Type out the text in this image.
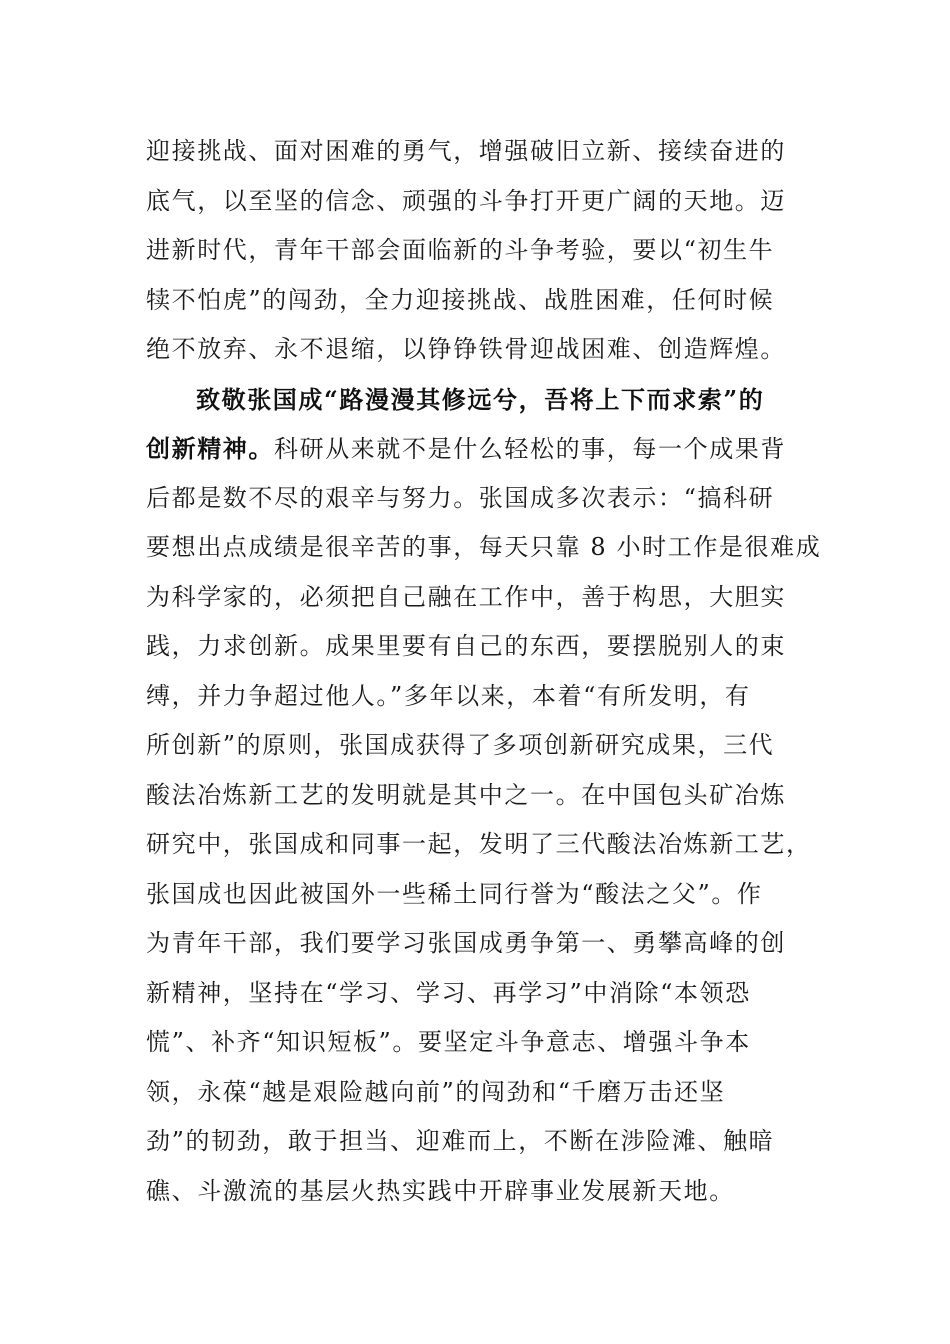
迎接挑战、面对困难的勇气，增强破旧立新、接续奋进的
底气，以至坚的信念、顽强的斗争打开更广阔的天地。迈
进新时代，青年干部会面临新的斗争考验，要以“初生牛
犊不怕虎”的闯劲，全力迎接挑战、战胜困难，任何时候
绝不放弃、永不退缩，以铮铮铁骨迎战困难、创造辉煌。
致敬张国成“路漫漫其修远兮，吾将上下而求索”的
创新精神。科研从来就不是什么轻松的事，每一个成果背
后都是数不尽的艰辛与努力。张国成多次表示：“搞科研
要想出点成绩是很辛苦的事，每天只靠 8 小时工作是很难成
为科学家的，必须把自己融在工作中，善于构思，大胆实
践，力求创新。成果里要有自己的东西，要摆脱别人的束
缚，并力争超过他人。”多年以来，本着“有所发明，有
所创新”的原则，张国成获得了多项创新研究成果，三代
酸法冶炼新工艺的发明就是其中之一。在中国包头矿冶炼
研究中，张国成和同事一起，发明了三代酸法冶炼新工艺，
张国成也因此被国外一些稀土同行誉为“酸法之父”。作
为青年干部，我们要学习张国成勇争第一、勇攀高峰的创
新精神，坚持在“学习、学习、再学习”中消除“本领恐
慌”、补齐“知识短板”。要坚定斗争意志、增强斗争本
领，永葆“越是艰险越向前”的闯劲和“千磨万击还坚
劲”的韧劲，敢于担当、迎难而上，不断在涉险滩、触暗
礁、斗激流的基层火热实践中开辟事业发展新天地。
